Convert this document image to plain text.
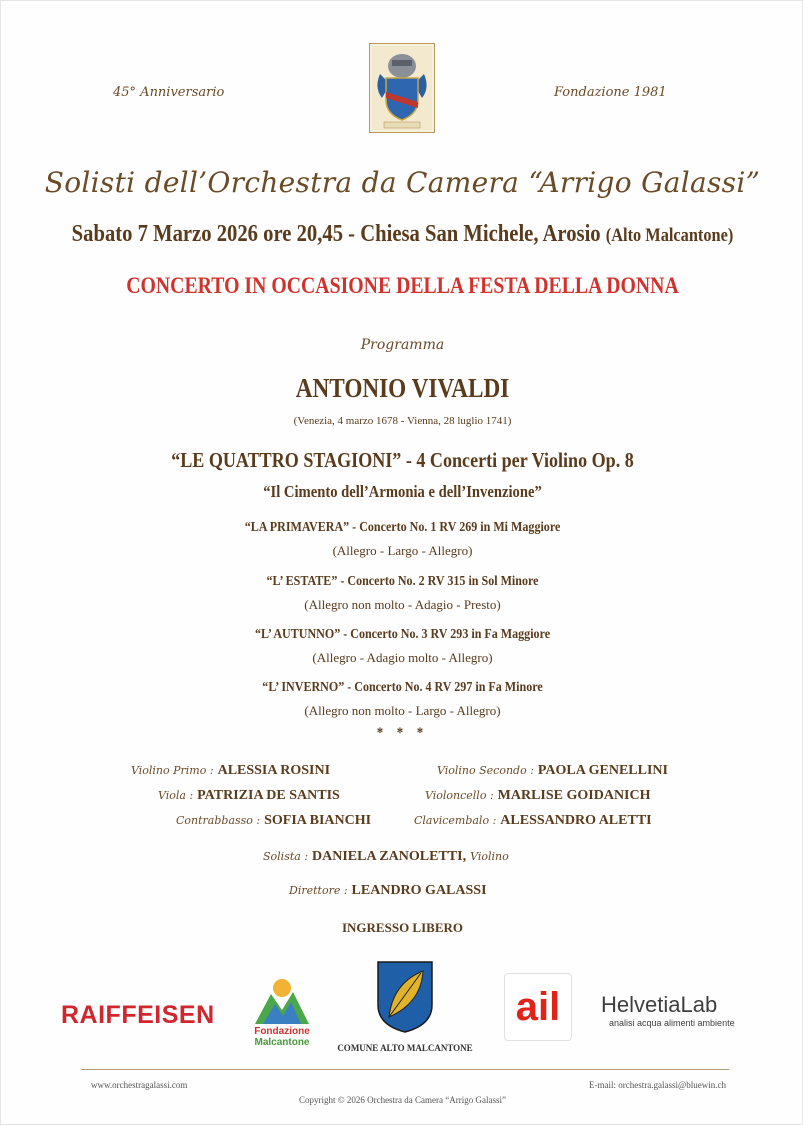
45° Anniversario	Fondazione 1981
Solisti dell’Orchestra da Camera “Arrigo Galassi”
Sabato 7 Marzo 2026 ore 20,45 - Chiesa San Michele, Arosio (Alto Malcantone)
CONCERTO IN OCCASIONE DELLA FESTA DELLA DONNA
Programma
ANTONIO VIVALDI
(Venezia, 4 marzo 1678 - Vienna, 28 luglio 1741)
“LE QUATTRO STAGIONI” - 4 Concerti per Violino Op. 8
“Il Cimento dell’Armonia e dell’Invenzione”
“LA PRIMAVERA” - Concerto No. 1 RV 269 in Mi Maggiore
(Allegro - Largo - Allegro)
“L’ ESTATE” - Concerto No. 2 RV 315 in Sol Minore
(Allegro non molto - Adagio - Presto)
“L’ AUTUNNO” - Concerto No. 3 RV 293 in Fa Maggiore
(Allegro - Adagio molto - Allegro)
“L’ INVERNO” - Concerto No. 4 RV 297 in Fa Minore
(Allegro non molto - Largo - Allegro)
* * *
Violino Primo : ALESSIA ROSINI	Violino Secondo : PAOLA GENELLINI
Viola : PATRIZIA DE SANTIS	Violoncello : MARLISE GOIDANICH
Contrabbasso : SOFIA BIANCHI	Clavicembalo : ALESSANDRO ALETTI
Solista : DANIELA ZANOLETTI, Violino
Direttore : LEANDRO GALASSI
INGRESSO LIBERO
RAIFFEISEN
Fondazione
Malcantone	COMUNE ALTO MALCANTONE
ail	HelvetiaLab
analisi acqua alimenti ambiente
www.orchestragalassi.com	E-mail: orchestra.galassi@bluewin.ch
Copyright © 2026 Orchestra da Camera “Arrigo Galassi”
